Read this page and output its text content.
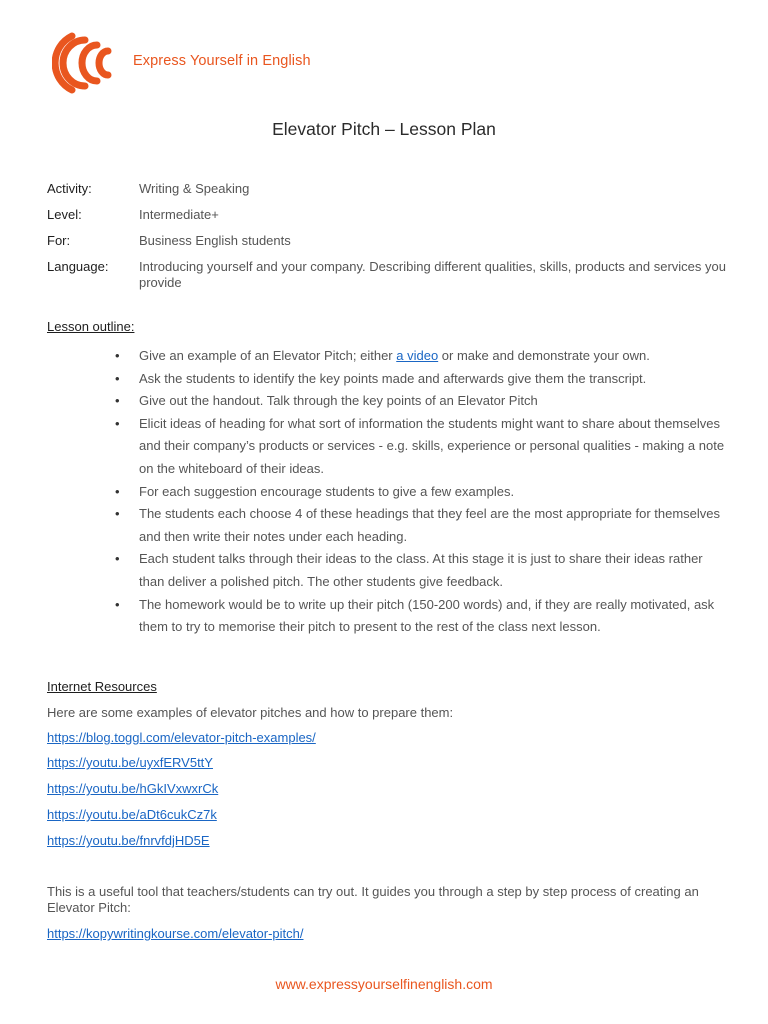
Express Yourself in English
Elevator Pitch – Lesson Plan
Activity:	Writing & Speaking
Level:	Intermediate+
For:	Business English students
Language:	Introducing yourself and your company. Describing different qualities, skills, products and services you provide
Lesson outline:
• Give an example of an Elevator Pitch; either a video or make and demonstrate your own.
• Ask the students to identify the key points made and afterwards give them the transcript.
• Give out the handout. Talk through the key points of an Elevator Pitch
• Elicit ideas of heading for what sort of information the students might want to share about themselves and their company’s products or services - e.g. skills, experience or personal qualities - making a note on the whiteboard of their ideas.
• For each suggestion encourage students to give a few examples.
• The students each choose 4 of these headings that they feel are the most appropriate for themselves and then write their notes under each heading.
• Each student talks through their ideas to the class. At this stage it is just to share their ideas rather than deliver a polished pitch. The other students give feedback.
• The homework would be to write up their pitch (150-200 words) and, if they are really motivated, ask them to try to memorise their pitch to present to the rest of the class next lesson.
Internet Resources
Here are some examples of elevator pitches and how to prepare them:
https://blog.toggl.com/elevator-pitch-examples/
https://youtu.be/uyxfERV5ttY
https://youtu.be/hGkIVxwxrCk
https://youtu.be/aDt6cukCz7k
https://youtu.be/fnrvfdjHD5E
This is a useful tool that teachers/students can try out. It guides you through a step by step process of creating an Elevator Pitch:
https://kopywritingkourse.com/elevator-pitch/
www.expressyourselfinenglish.com
